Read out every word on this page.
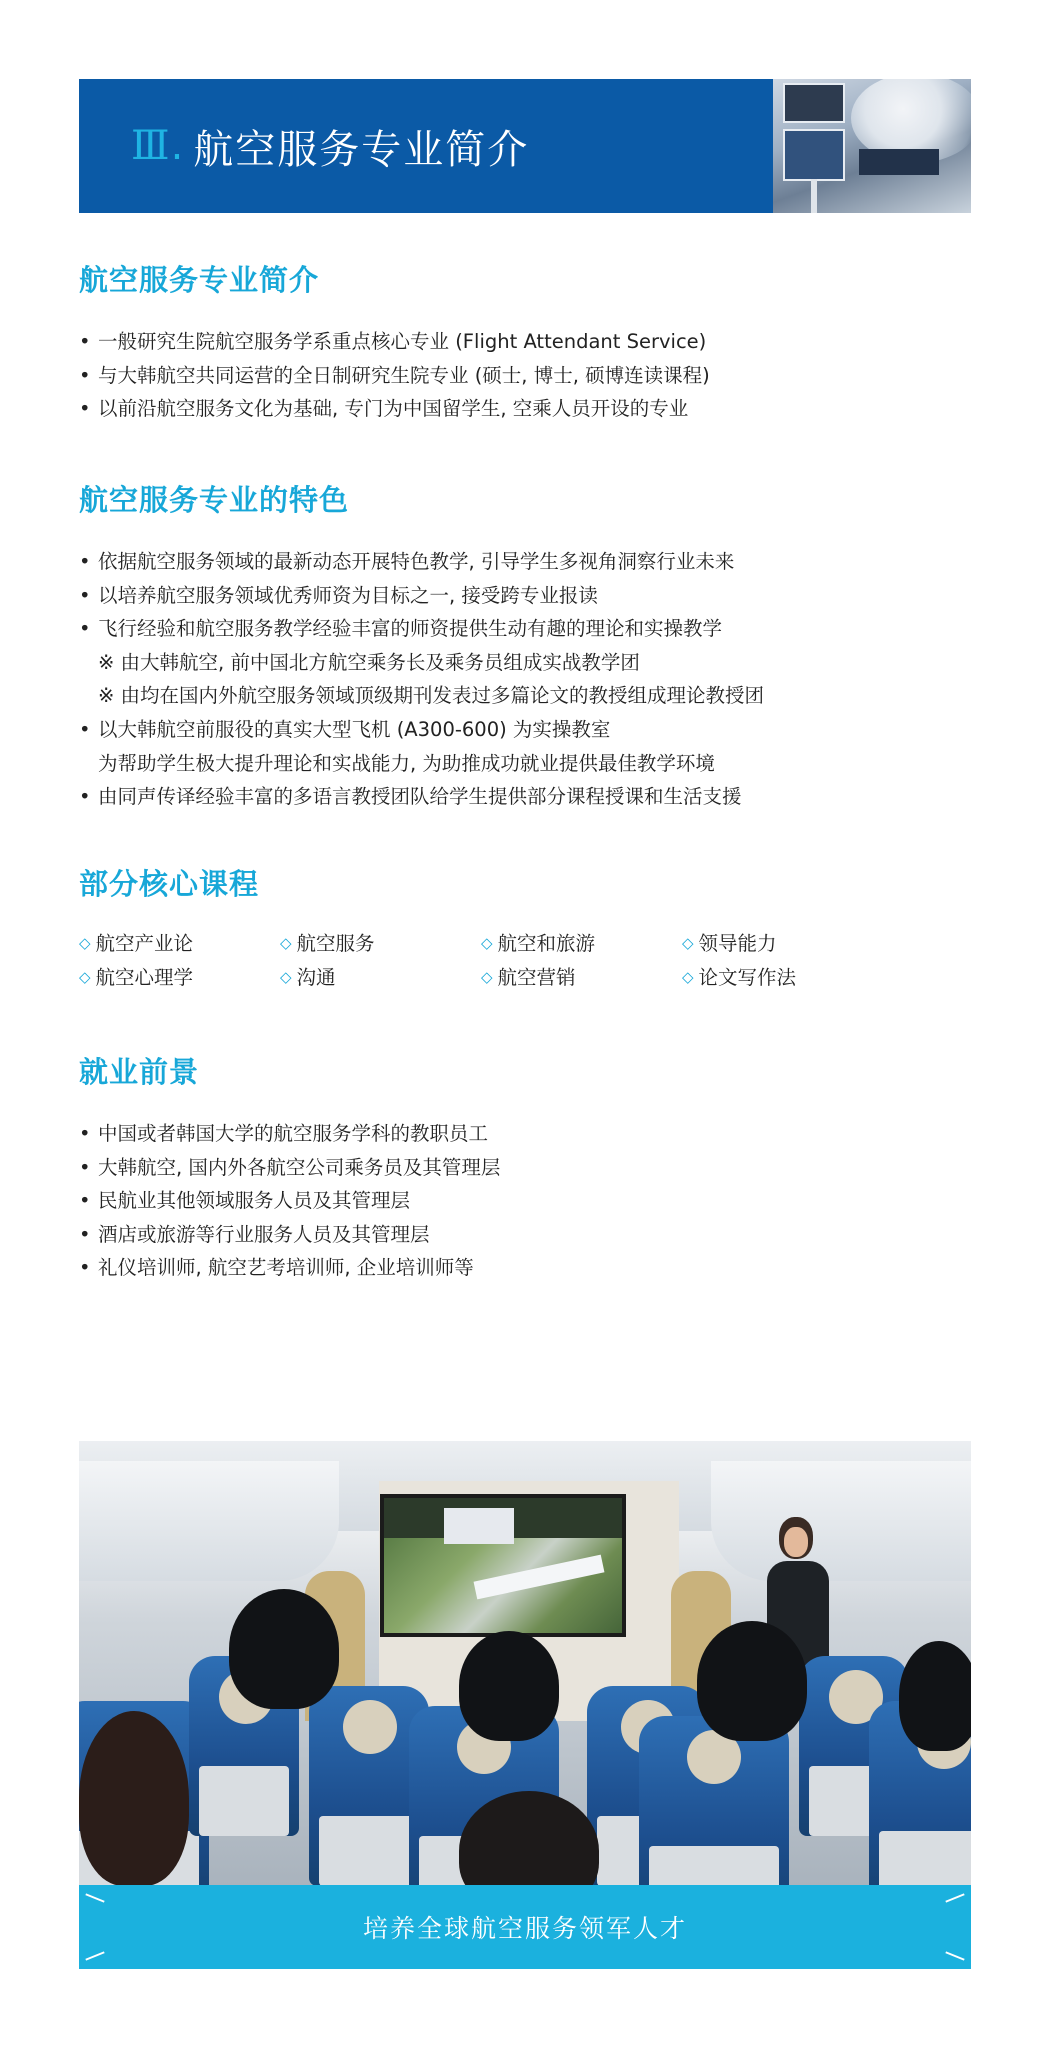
Ⅲ . 航空服务专业简介
航空服务专业简介
• 一般研究生院航空服务学系重点核心专业 (Flight Attendant Service)
• 与大韩航空共同运营的全日制研究生院专业 (硕士, 博士, 硕博连读课程)
• 以前沿航空服务文化为基础, 专门为中国留学生, 空乘人员开设的专业
航空服务专业的特色
• 依据航空服务领域的最新动态开展特色教学, 引导学生多视角洞察行业未来
• 以培养航空服务领域优秀师资为目标之一, 接受跨专业报读
• 飞行经验和航空服务教学经验丰富的师资提供生动有趣的理论和实操教学
※ 由大韩航空, 前中国北方航空乘务长及乘务员组成实战教学团
※ 由均在国内外航空服务领域顶级期刊发表过多篇论文的教授组成理论教授团
• 以大韩航空前服役的真实大型飞机 (A300-600) 为实操教室
为帮助学生极大提升理论和实战能力, 为助推成功就业提供最佳教学环境
• 由同声传译经验丰富的多语言教授团队给学生提供部分课程授课和生活支援
部分核心课程
◇ 航空产业论	◇ 航空服务	◇ 航空和旅游	◇ 领导能力
◇ 航空心理学	◇ 沟通	◇ 航空营销	◇ 论文写作法
就业前景
• 中国或者韩国大学的航空服务学科的教职员工
• 大韩航空, 国内外各航空公司乘务员及其管理层
• 民航业其他领域服务人员及其管理层
• 酒店或旅游等行业服务人员及其管理层
• 礼仪培训师, 航空艺考培训师, 企业培训师等
培养全球航空服务领军人才
